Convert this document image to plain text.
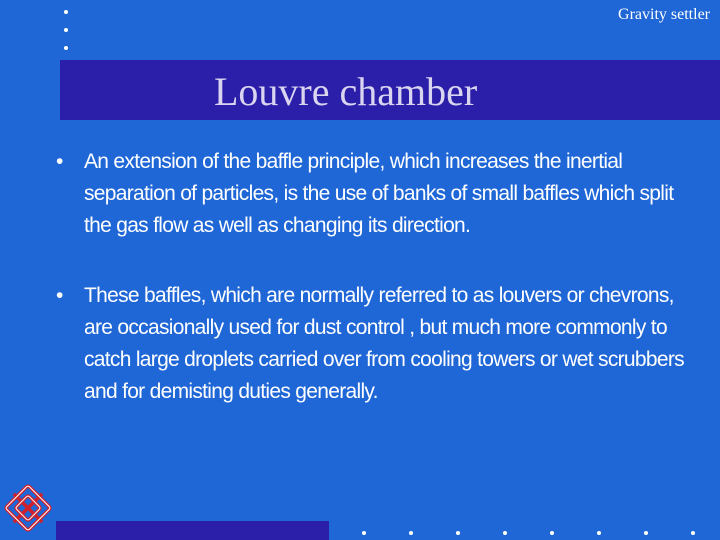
Gravity settler
Louvre chamber
• An extension of the baffle principle, which increases the inertial separation of particles, is the use of banks of small baffles which split the gas flow as well as changing its direction.
• These baffles, which are normally referred to as louvers or chevrons, are occasionally used for dust control , but much more commonly to catch large droplets carried over from cooling towers or wet scrubbers and for demisting duties generally.
